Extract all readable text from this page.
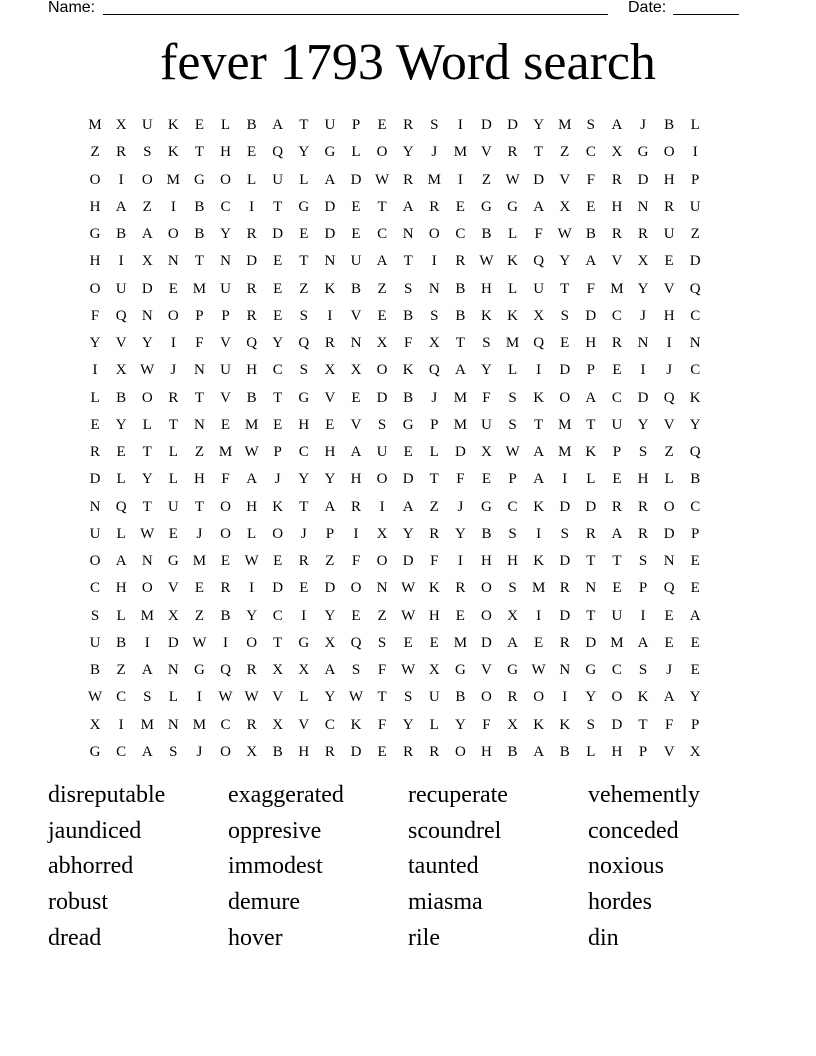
Name:	Date:
fever 1793 Word search
M X	U	K	E	L	B	A	T	U	P	E	R	S	I	D	D	Y M	S	A	J	B	L
Z	R	S	K	T	H	E	Q	Y	G	L	O	Y	J	M V	R	T	Z	C	X	G	O	I
O	I	O M G	O	L	U	L	A	D W R M	I	Z W D	V	F	R	D	H	P
H	A	Z	I	B	C	I	T	G	D	E	T	A	R	E	G	G	A	X	E	H	N	R	U
G	B	A	O	B	Y	R	D	E	D	E	C	N	O	C	B	L	F W B	R	R	U	Z
H	I	X	N	T	N	D	E	T	N	U	A	T	I	R W K	Q	Y	A	V	X	E	D
O	U	D	E M U	R	E	Z	K	B	Z	S	N	B	H	L	U	T	F	M Y	V	Q
F	Q	N	O	P	P	R	E	S	I	V	E	B	S	B	K	K	X	S	D	C	J	H	C
Y	V	Y	I	F	V	Q	Y	Q	R	N	X	F	X	T	S	M Q	E	H	R	N	I	N
I	X W	J	N	U	H	C	S	X	X	O	K	Q	A	Y	L	I	D	P	E	I	J	C
L	B	O	R	T	V	B	T	G	V	E	D	B	J	M	F	S	K	O	A	C	D	Q	K
E	Y	L	T	N	E M E	H	E	V	S	G	P	M U	S	T M T	U	Y	V	Y
R	E	T	L	Z M W P	C	H	A	U	E	L	D	X W A M K	P	S	Z	Q
D	L	Y	L	H	F	A	J	Y	Y	H	O	D	T	F	E	P	A	I	L	E	H	L	B
N	Q	T	U	T	O	H	K	T	A	R	I	A	Z	J	G	C	K	D	D	R	R	O	C
U	L W E	J	O	L	O	J	P	I	X	Y	R	Y	B	S	I	S	R	A	R	D	P
O	A	N	G M E W E	R	Z	F	O	D	F	I	H	H	K	D	T	T	S	N	E
C	H	O	V	E	R	I	D	E	D	O	N W K	R	O	S	M R	N	E	P	Q	E
S	L M X	Z	B	Y	C	I	Y	E	Z W H	E	O	X	I	D	T	U	I	E	A
U	B	I	D W	I	O	T	G	X	Q	S	E	E M D	A	E	R	D M A	E	E
B	Z	A	N	G	Q	R	X	X	A	S	F W X	G	V	G W N	G	C	S	J	E
W C	S	L	I	W W V	L	Y W T	S	U	B	O	R	O	I	Y	O	K	A	Y
X	I	M N M C	R	X	V	C	K	F	Y	L	Y	F	X	K	K	S	D	T	F	P
G	C	A	S	J	O	X	B	H	R	D	E	R	R	O	H	B	A	B	L	H	P	V	X
disreputable	exaggerated	recuperate	vehemently
jaundiced	oppresive	scoundrel	conceded
abhorred	immodest	taunted	noxious
robust	demure	miasma	hordes
dread	hover	rile	din
